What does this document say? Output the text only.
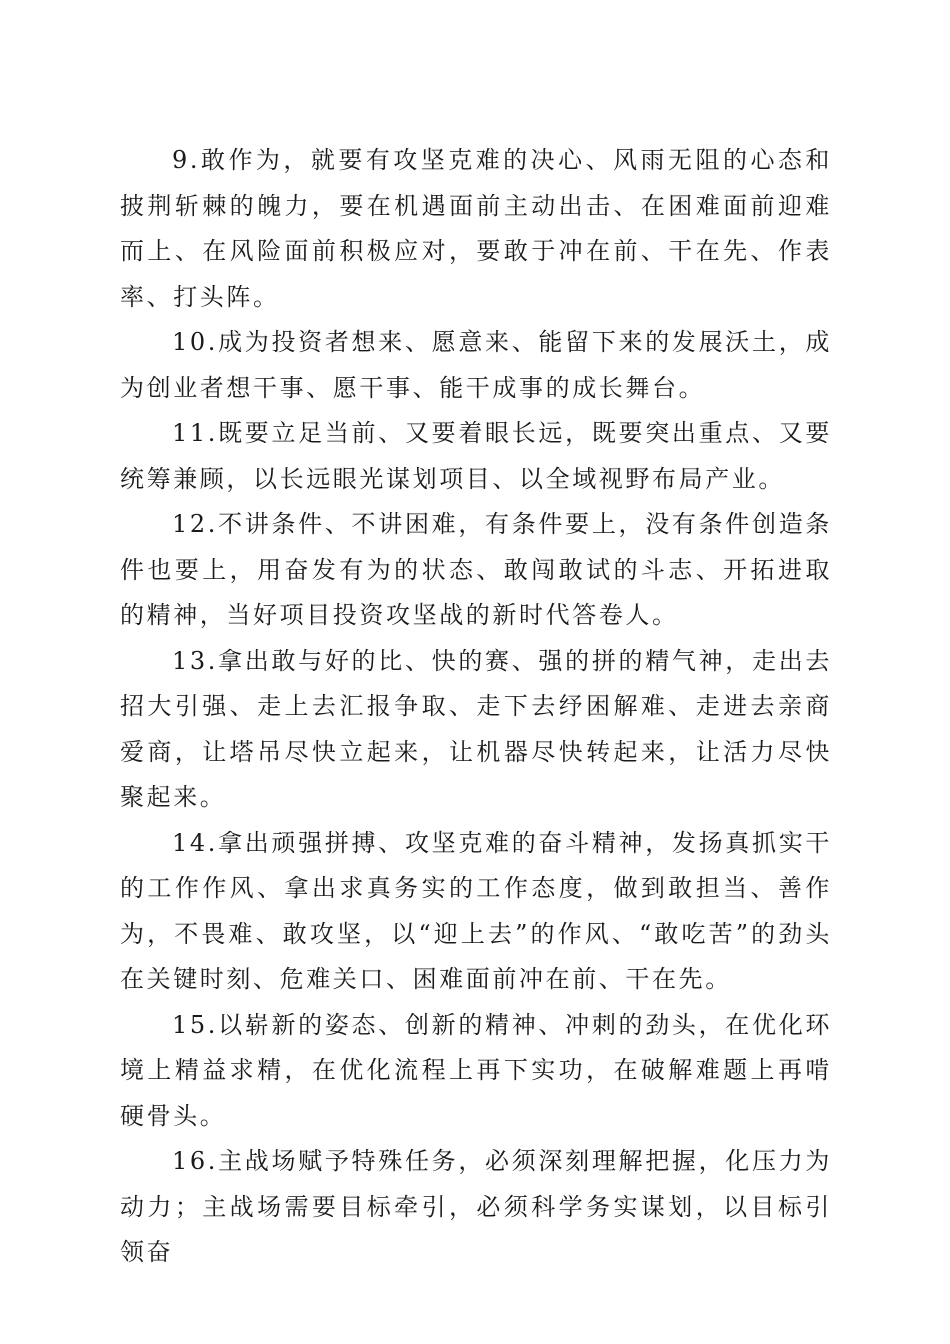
9.敢作为，就要有攻坚克难的决心、风雨无阻的心态和披荆斩棘的魄力，要在机遇面前主动出击、在困难面前迎难而上、在风险面前积极应对，要敢于冲在前、干在先、作表率、打头阵。

10.成为投资者想来、愿意来、能留下来的发展沃土，成为创业者想干事、愿干事、能干成事的成长舞台。

11.既要立足当前、又要着眼长远，既要突出重点、又要统筹兼顾，以长远眼光谋划项目、以全域视野布局产业。

12.不讲条件、不讲困难，有条件要上，没有条件创造条件也要上，用奋发有为的状态、敢闯敢试的斗志、开拓进取的精神，当好项目投资攻坚战的新时代答卷人。

13.拿出敢与好的比、快的赛、强的拼的精气神，走出去招大引强、走上去汇报争取、走下去纾困解难、走进去亲商爱商，让塔吊尽快立起来，让机器尽快转起来，让活力尽快聚起来。

14.拿出顽强拼搏、攻坚克难的奋斗精神，发扬真抓实干的工作作风、拿出求真务实的工作态度，做到敢担当、善作为，不畏难、敢攻坚，以“迎上去”的作风、“敢吃苦”的劲头在关键时刻、危难关口、困难面前冲在前、干在先。

15.以崭新的姿态、创新的精神、冲刺的劲头，在优化环境上精益求精，在优化流程上再下实功，在破解难题上再啃硬骨头。

16.主战场赋予特殊任务，必须深刻理解把握，化压力为动力；主战场需要目标牵引，必须科学务实谋划，以目标引领奋
